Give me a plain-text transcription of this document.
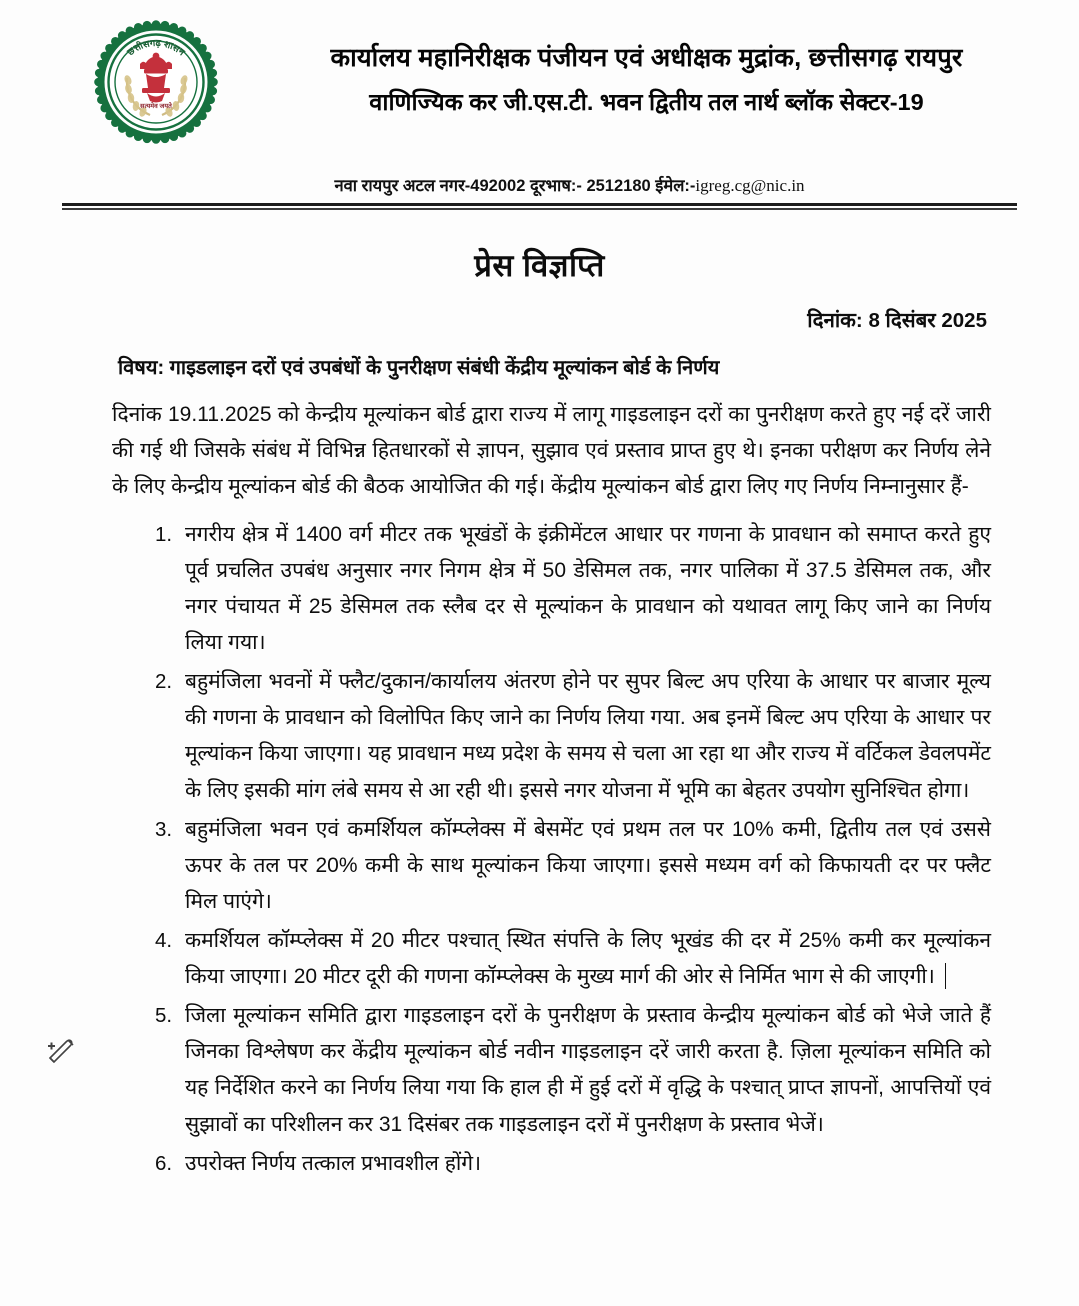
छत्तीसगढ़ शासन
सत्यमेव जयते
कार्यालय महानिरीक्षक पंजीयन एवं अधीक्षक मुद्रांक, छत्तीसगढ़ रायपुर
वाणिज्यिक कर जी.एस.टी. भवन द्वितीय तल नार्थ ब्लॉक सेक्टर-19
नवा रायपुर अटल नगर-492002 दूरभाष:- 2512180 ईमेल:-igreg.cg@nic.in
प्रेस विज्ञप्ति
दिनांक: 8 दिसंबर 2025
विषय: गाइडलाइन दरों एवं उपबंधों के पुनरीक्षण संबंधी केंद्रीय मूल्यांकन बोर्ड के निर्णय
दिनांक 19.11.2025 को केन्द्रीय मूल्यांकन बोर्ड द्वारा राज्य में लागू गाइडलाइन दरों का पुनरीक्षण करते हुए नई दरें जारी की गई थी जिसके संबंध में विभिन्न हितधारकों से ज्ञापन, सुझाव एवं प्रस्ताव प्राप्त हुए थे। इनका परीक्षण कर निर्णय लेने के लिए केन्द्रीय मूल्यांकन बोर्ड की बैठक आयोजित की गई। केंद्रीय मूल्यांकन बोर्ड द्वारा लिए गए निर्णय निम्नानुसार हैं-
1. नगरीय क्षेत्र में 1400 वर्ग मीटर तक भूखंडों के इंक्रीमेंटल आधार पर गणना के प्रावधान को समाप्त करते हुए पूर्व प्रचलित उपबंध अनुसार नगर निगम क्षेत्र में 50 डेसिमल तक, नगर पालिका में 37.5 डेसिमल तक, और नगर पंचायत में 25 डेसिमल तक स्लैब दर से मूल्यांकन के प्रावधान को यथावत लागू किए जाने का निर्णय लिया गया।
2. बहुमंजिला भवनों में फ्लैट/दुकान/कार्यालय अंतरण होने पर सुपर बिल्ट अप एरिया के आधार पर बाजार मूल्य की गणना के प्रावधान को विलोपित किए जाने का निर्णय लिया गया. अब इनमें बिल्ट अप एरिया के आधार पर मूल्यांकन किया जाएगा। यह प्रावधान मध्य प्रदेश के समय से चला आ रहा था और राज्य में वर्टिकल डेवलपमेंट के लिए इसकी मांग लंबे समय से आ रही थी। इससे नगर योजना में भूमि का बेहतर उपयोग सुनिश्चित होगा।
3. बहुमंजिला भवन एवं कमर्शियल कॉम्प्लेक्स में बेसमेंट एवं प्रथम तल पर 10% कमी, द्वितीय तल एवं उससे ऊपर के तल पर 20% कमी के साथ मूल्यांकन किया जाएगा। इससे मध्यम वर्ग को किफायती दर पर फ्लैट मिल पाएंगे।
4. कमर्शियल कॉम्प्लेक्स में 20 मीटर पश्चात् स्थित संपत्ति के लिए भूखंड की दर में 25% कमी कर मूल्यांकन किया जाएगा। 20 मीटर दूरी की गणना कॉम्प्लेक्स के मुख्य मार्ग की ओर से निर्मित भाग से की जाएगी।
5. जिला मूल्यांकन समिति द्वारा गाइडलाइन दरों के पुनरीक्षण के प्रस्ताव केन्द्रीय मूल्यांकन बोर्ड को भेजे जाते हैं जिनका विश्लेषण कर केंद्रीय मूल्यांकन बोर्ड नवीन गाइडलाइन दरें जारी करता है. ज़िला मूल्यांकन समिति को यह निर्देशित करने का निर्णय लिया गया कि हाल ही में हुई दरों में वृद्धि के पश्चात् प्राप्त ज्ञापनों, आपत्तियों एवं सुझावों का परिशीलन कर 31 दिसंबर तक गाइडलाइन दरों में पुनरीक्षण के प्रस्ताव भेजें।
6. उपरोक्त निर्णय तत्काल प्रभावशील होंगे।
